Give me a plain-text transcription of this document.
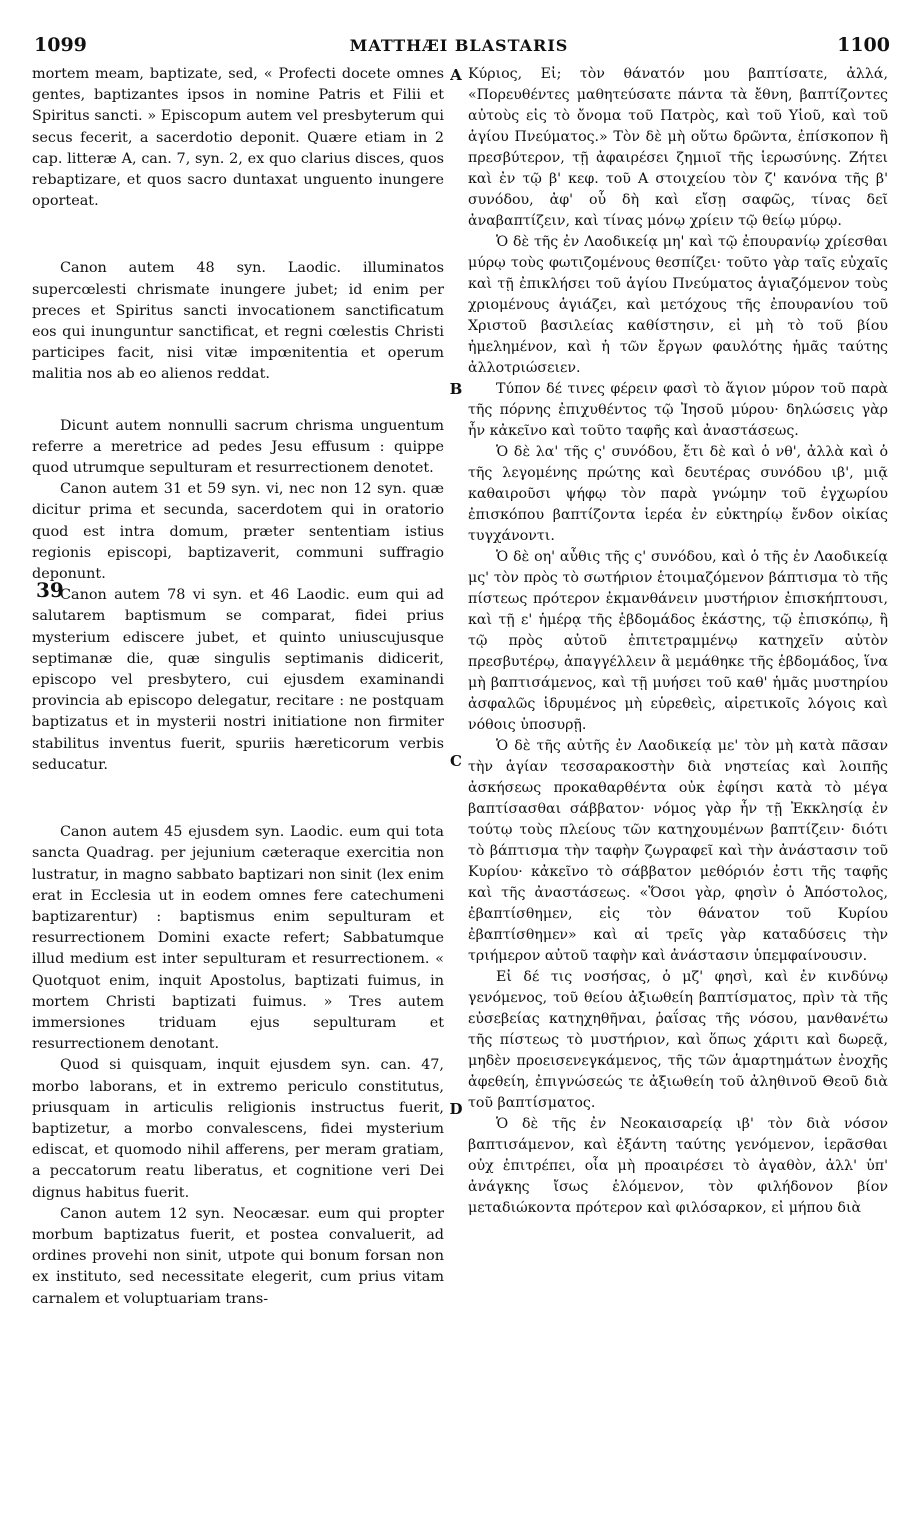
1099	MATTHÆI BLASTARIS	1100
39
A
B
C
D

mortem meam, baptizate, sed, « Profecti docete omnes gentes, baptizantes ipsos in nomine Patris et Filii et Spiritus sancti. » Episcopum autem vel presbyterum qui secus fecerit, a sacerdotio deponit. Quære etiam in 2 cap. litteræ A, can. 7, syn. 2, ex quo clarius disces, quos rebaptizare, et quos sacro duntaxat unguento inungere oporteat.

Canon autem 48 syn. Laodic. illuminatos supercœlesti chrismate inungere jubet; id enim per preces et Spiritus sancti invocationem sanctificatum eos qui inunguntur sanctificat, et regni cœlestis Christi participes facit, nisi vitæ impœnitentia et operum malitia nos ab eo alienos reddat.

Dicunt autem nonnulli sacrum chrisma unguentum referre a meretrice ad pedes Jesu effusum : quippe quod utrumque sepulturam et resurrectionem denotet.

Canon autem 31 et 59 syn. vi, nec non 12 syn. quæ dicitur prima et secunda, sacerdotem qui in oratorio quod est intra domum, præter sententiam istius regionis episcopi, baptizaverit, communi suffragio deponunt.

Canon autem 78 vi syn. et 46 Laodic. eum qui ad salutarem baptismum se comparat, fidei prius mysterium ediscere jubet, et quinto uniuscujusque septimanæ die, quæ singulis septimanis didicerit, episcopo vel presbytero, cui ejusdem examinandi provincia ab episcopo delegatur, recitare : ne postquam baptizatus et in mysterii nostri initiatione non firmiter stabilitus inventus fuerit, spuriis hæreticorum verbis seducatur.

Canon autem 45 ejusdem syn. Laodic. eum qui tota sancta Quadrag. per jejunium cæteraque exercitia non lustratur, in magno sabbato baptizari non sinit (lex enim erat in Ecclesia ut in eodem omnes fere catechumeni baptizarentur) : baptismus enim sepulturam et resurrectionem Domini exacte refert; Sabbatumque illud medium est inter sepulturam et resurrectionem. « Quotquot enim, inquit Apostolus, baptizati fuimus, in mortem Christi baptizati fuimus. » Tres autem immersiones triduam ejus sepulturam et resurrectionem denotant.

Quod si quisquam, inquit ejusdem syn. can. 47, morbo laborans, et in extremo periculo constitutus, priusquam in articulis religionis instructus fuerit, baptizetur, a morbo convalescens, fidei mysterium ediscat, et quomodo nihil afferens, per meram gratiam, a peccatorum reatu liberatus, et cognitione veri Dei dignus habitus fuerit.

Canon autem 12 syn. Neocæsar. eum qui propter morbum baptizatus fuerit, et postea convaluerit, ad ordines provehi non sinit, utpote qui bonum forsan non ex instituto, sed necessitate elegerit, cum prius vitam carnalem et voluptuariam trans-

Κύριος, Εἰ; τὸν θάνατόν μου βαπτίσατε, ἀλλά, «Πορευθέντες μαθητεύσατε πάντα τὰ ἔθνη, βαπτίζοντες αὐτοὺς εἰς τὸ ὄνομα τοῦ Πατρὸς, καὶ τοῦ Υἱοῦ, καὶ τοῦ ἁγίου Πνεύματος.» Τὸν δὲ μὴ οὕτω δρῶντα, ἐπίσκοπον ἢ πρεσβύτερον, τῇ ἀφαιρέσει ζημιοῖ τῆς ἱερωσύνης. Ζήτει καὶ ἐν τῷ β' κεφ. τοῦ Α στοιχείου τὸν ζ' κανόνα τῆς β' συνόδου, ἀφ' οὗ δὴ καὶ εἴσῃ σαφῶς, τίνας δεῖ ἀναβαπτίζειν, καὶ τίνας μόνῳ χρίειν τῷ θείῳ μύρῳ.

Ὁ δὲ τῆς ἐν Λαοδικείᾳ μη' καὶ τῷ ἐπουρανίῳ χρίεσθαι μύρῳ τοὺς φωτιζομένους θεσπίζει· τοῦτο γὰρ ταῖς εὐχαῖς καὶ τῇ ἐπικλήσει τοῦ ἁγίου Πνεύματος ἁγιαζόμενον τοὺς χριομένους ἁγιάζει, καὶ μετόχους τῆς ἐπουρανίου τοῦ Χριστοῦ βασιλείας καθίστησιν, εἰ μὴ τὸ τοῦ βίου ἠμελημένον, καὶ ἡ τῶν ἔργων φαυλότης ἡμᾶς ταύτης ἀλλοτριώσειεν.

Τύπον δέ τινες φέρειν φασὶ τὸ ἅγιον μύρον τοῦ παρὰ τῆς πόρνης ἐπιχυθέντος τῷ Ἰησοῦ μύρου· δηλώσεις γὰρ ἦν κἀκεῖνο καὶ τοῦτο ταφῆς καὶ ἀναστάσεως.

Ὁ δὲ λα' τῆς ς' συνόδου, ἔτι δὲ καὶ ὁ νθ', ἀλλὰ καὶ ὁ τῆς λεγομένης πρώτης καὶ δευτέρας συνόδου ιβ', μιᾷ καθαιροῦσι ψήφῳ τὸν παρὰ γνώμην τοῦ ἐγχωρίου ἐπισκόπου βαπτίζοντα ἱερέα ἐν εὐκτηρίῳ ἔνδον οἰκίας τυγχάνοντι.

Ὁ δὲ οη' αὖθις τῆς ς' συνόδου, καὶ ὁ τῆς ἐν Λαοδικείᾳ μς' τὸν πρὸς τὸ σωτήριον ἑτοιμαζόμενον βάπτισμα τὸ τῆς πίστεως πρότερον ἐκμανθάνειν μυστήριον ἐπισκήπτουσι, καὶ τῇ ε' ἡμέρᾳ τῆς ἑβδομάδος ἑκάστης, τῷ ἐπισκόπῳ, ἢ τῷ πρὸς αὐτοῦ ἐπιτετραμμένῳ κατηχεῖν αὐτὸν πρεσβυτέρῳ, ἀπαγγέλλειν ἃ μεμάθηκε τῆς ἑβδομάδος, ἵνα μὴ βαπτισάμενος, καὶ τῇ μυήσει τοῦ καθ' ἡμᾶς μυστηρίου ἀσφαλῶς ἱδρυμένος μὴ εὑρεθεὶς, αἱρετικοῖς λόγοις καὶ νόθοις ὑποσυρῇ.

Ὁ δὲ τῆς αὐτῆς ἐν Λαοδικείᾳ με' τὸν μὴ κατὰ πᾶσαν τὴν ἁγίαν τεσσαρακοστὴν διὰ νηστείας καὶ λοιπῆς ἀσκήσεως προκαθαρθέντα οὐκ ἐφίησι κατὰ τὸ μέγα βαπτίσασθαι σάββατον· νόμος γὰρ ἦν τῇ Ἐκκλησίᾳ ἐν τούτῳ τοὺς πλείους τῶν κατηχουμένων βαπτίζειν· διότι τὸ βάπτισμα τὴν ταφὴν ζωγραφεῖ καὶ τὴν ἀνάστασιν τοῦ Κυρίου· κἀκεῖνο τὸ σάββατον μεθόριόν ἐστι τῆς ταφῆς καὶ τῆς ἀναστάσεως. «Ὅσοι γὰρ, φησὶν ὁ Ἀπόστολος, ἐβαπτίσθημεν, εἰς τὸν θάνατον τοῦ Κυρίου ἐβαπτίσθημεν» καὶ αἱ τρεῖς γὰρ καταδύσεις τὴν τριήμερον αὐτοῦ ταφὴν καὶ ἀνάστασιν ὑπεμφαίνουσιν.

Εἰ δέ τις νοσήσας, ὁ μζ' φησὶ, καὶ ἐν κινδύνῳ γενόμενος, τοῦ θείου ἀξιωθείη βαπτίσματος, πρὶν τὰ τῆς εὐσεβείας κατηχηθῆναι, ῥαΐσας τῆς νόσου, μανθανέτω τῆς πίστεως τὸ μυστήριον, καὶ ὅπως χάριτι καὶ δωρεᾷ, μηδὲν προεισενεγκάμενος, τῆς τῶν ἁμαρτημάτων ἐνοχῆς ἀφεθείη, ἐπιγνώσεώς τε ἀξιωθείη τοῦ ἀληθινοῦ Θεοῦ διὰ τοῦ βαπτίσματος.

Ὁ δὲ τῆς ἐν Νεοκαισαρείᾳ ιβ' τὸν διὰ νόσον βαπτισάμενον, καὶ ἐξάντη ταύτης γενόμενον, ἱερᾶσθαι οὐχ ἐπιτρέπει, οἷα μὴ προαιρέσει τὸ ἀγαθὸν, ἀλλ' ὑπ' ἀνάγκης ἴσως ἑλόμενον, τὸν φιλήδονον βίον μεταδιώκοντα πρότερον καὶ φιλόσαρκον, εἰ μήπου διὰ
